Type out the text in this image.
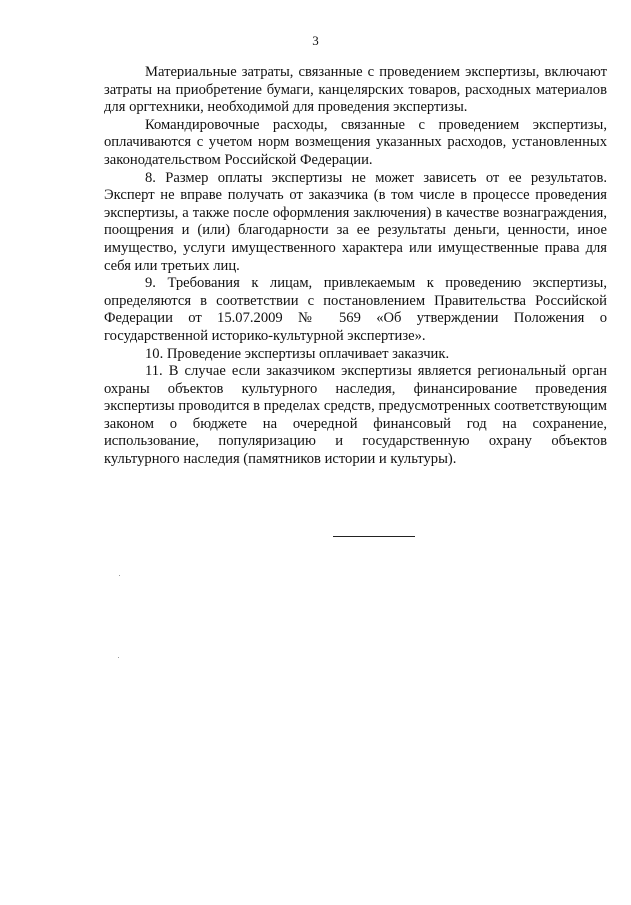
3

Материальные затраты, связанные с проведением экспертизы, включают затраты на приобретение бумаги, канцелярских товаров, расходных материалов для оргтехники, необходимой для проведения экспертизы.

Командировочные расходы, связанные с проведением экспертизы, оплачиваются с учетом норм возмещения указанных расходов, установленных законодательством Российской Федерации.

8. Размер оплаты экспертизы не может зависеть от ее результатов. Эксперт не вправе получать от заказчика (в том числе в процессе проведения экспертизы, а также после оформления заключения) в качестве вознаграждения, поощрения и (или) благодарности за ее результаты деньги, ценности, иное имущество, услуги имущественного характера или имущественные права для себя или третьих лиц.

9. Требования к лицам, привлекаемым к проведению экспертизы, определяются в соответствии с постановлением Правительства Российской Федерации от 15.07.2009 № 569 «Об утверждении Положения о государственной историко-культурной экспертизе».

10. Проведение экспертизы оплачивает заказчик.

11. В случае если заказчиком экспертизы является региональный орган охраны объектов культурного наследия, финансирование проведения экспертизы проводится в пределах средств, предусмотренных соответствующим законом о бюджете на очередной финансовый год на сохранение, использование, популяризацию и государственную охрану объектов культурного наследия (памятников истории и культуры).
